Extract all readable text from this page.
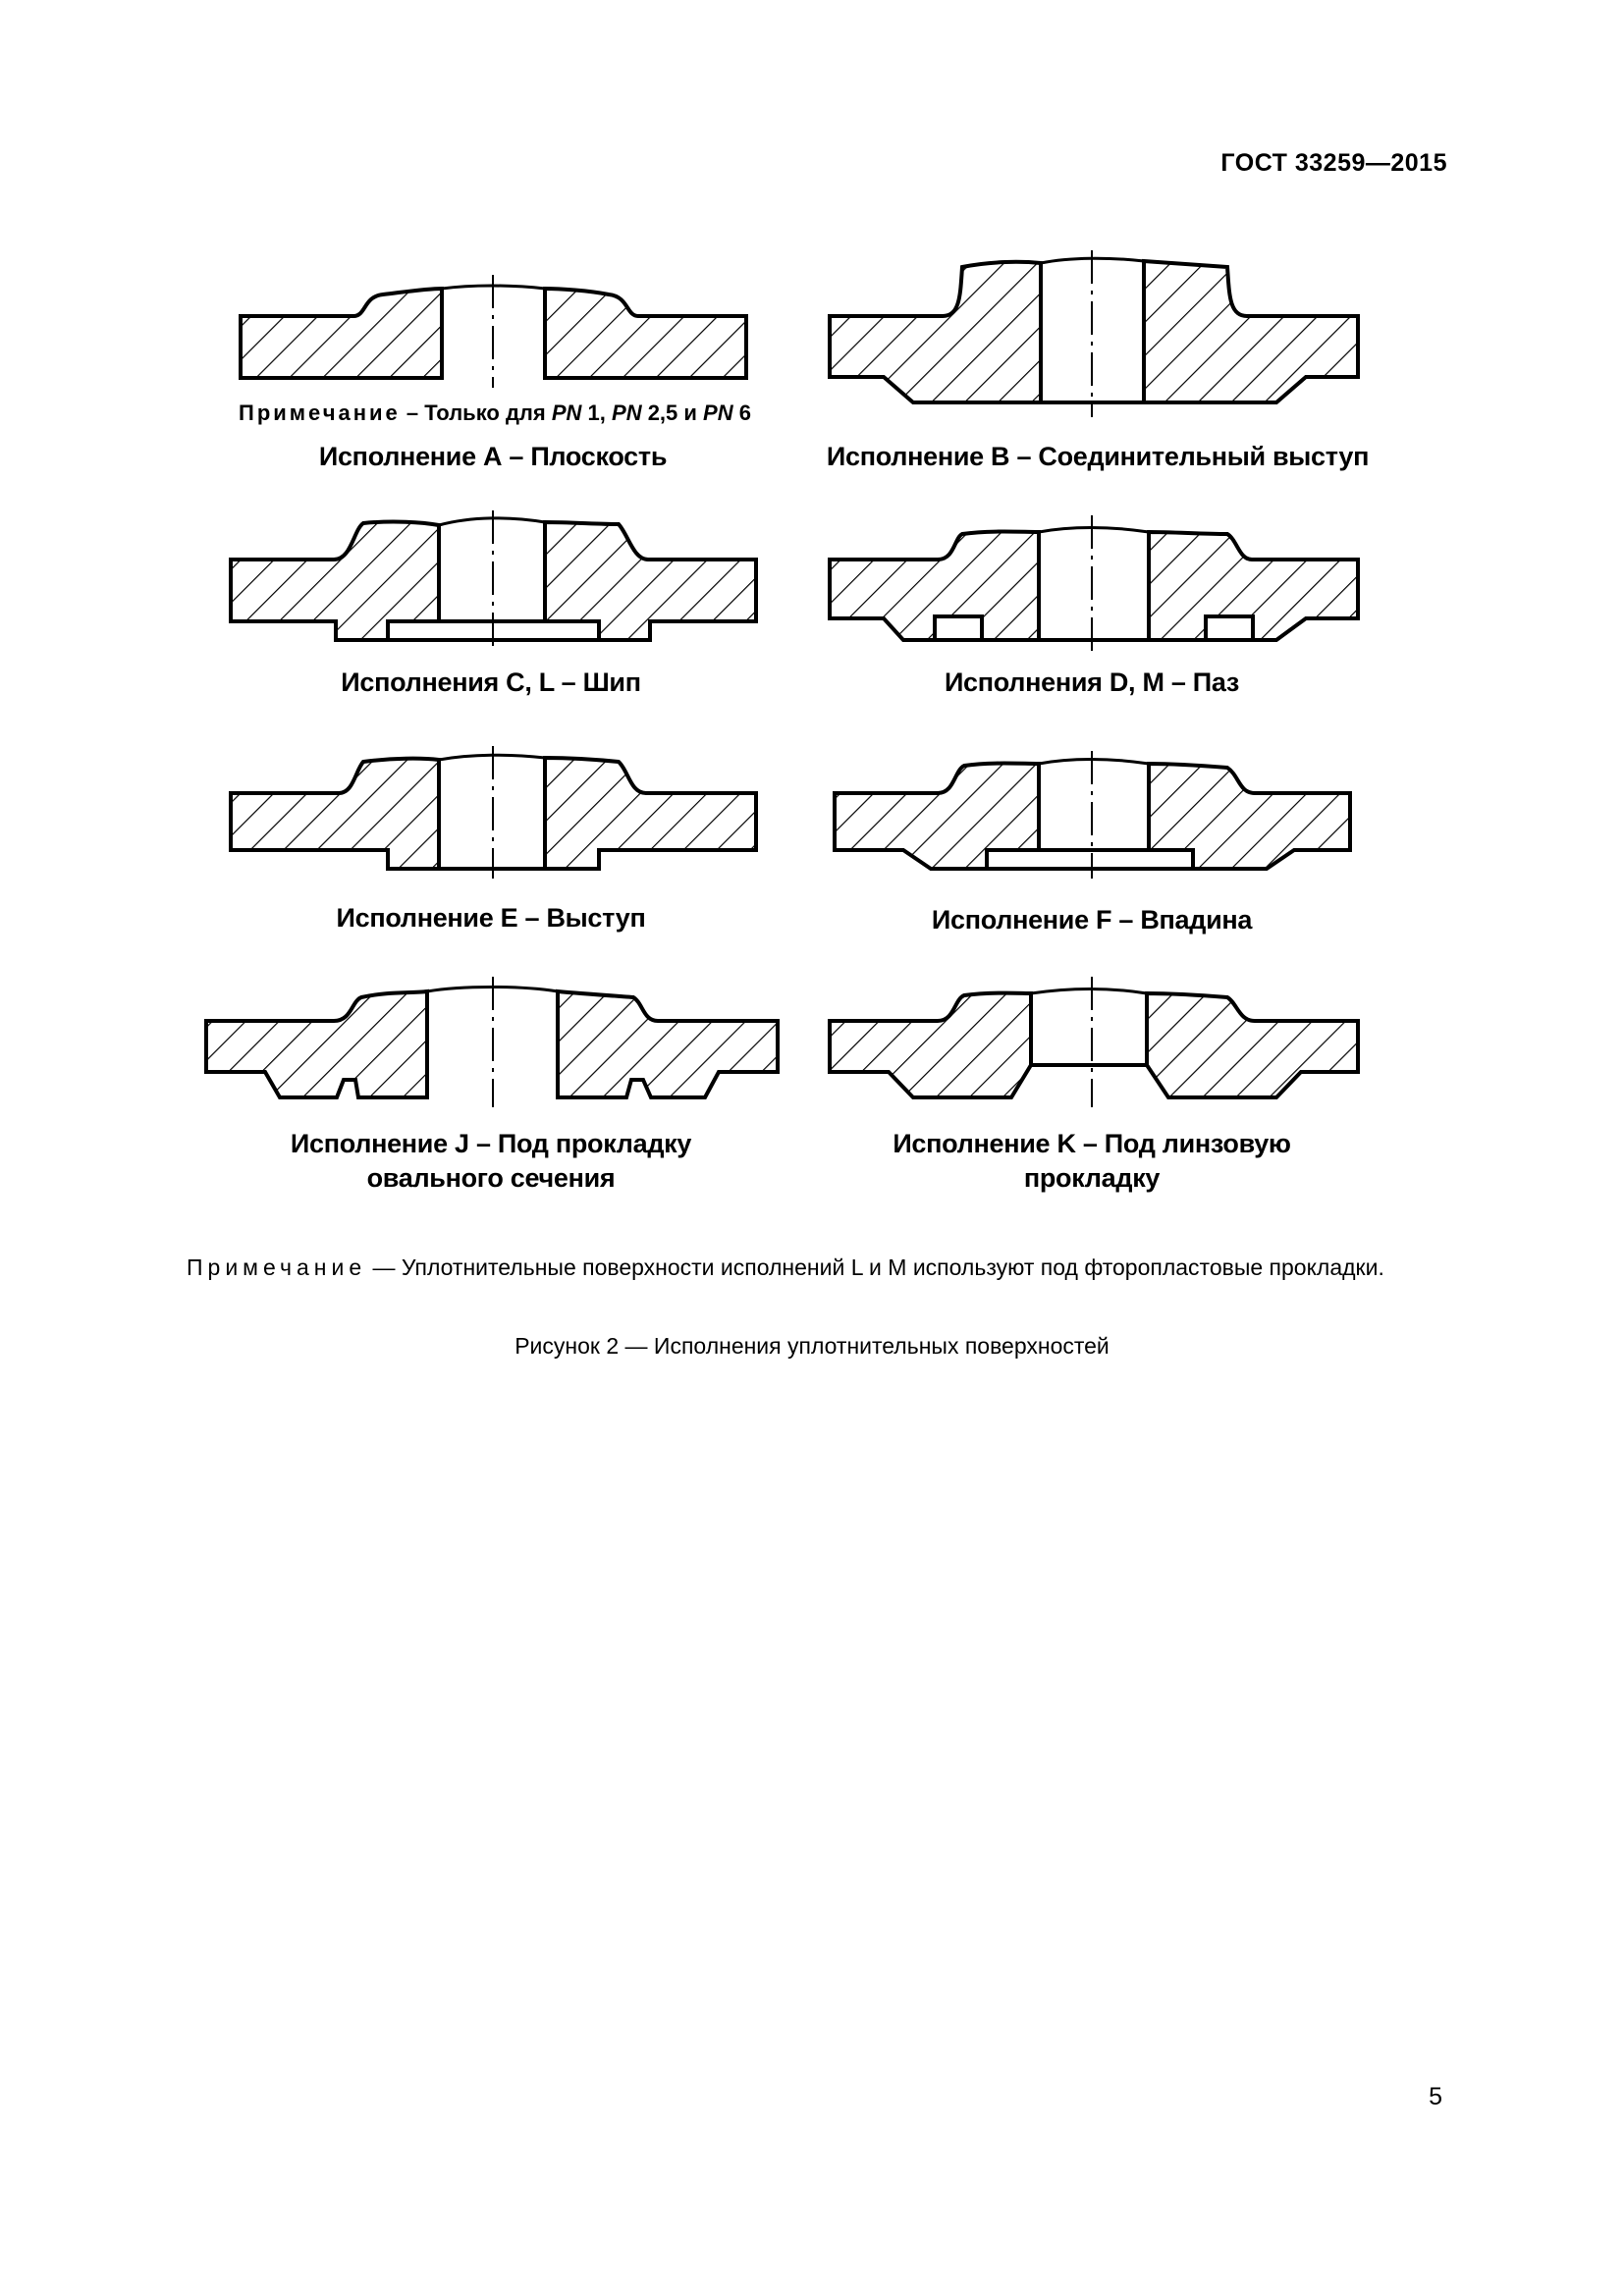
ГОСТ 33259—2015
Примечание – Только для PN 1, PN 2,5 и PN 6
Исполнение А – Плоскость	Исполнение В – Соединительный выступ
Исполнения С, L – Шип	Исполнения D, М – Паз
Исполнение Е – Выступ	Исполнение F – Впадина
Исполнение J – Под прокладку
овального сечения
Исполнение K – Под линзовую
прокладку
Примечание — Уплотнительные поверхности исполнений L и М используют под фторопластовые прокладки.
Рисунок 2 — Исполнения уплотнительных поверхностей
5
